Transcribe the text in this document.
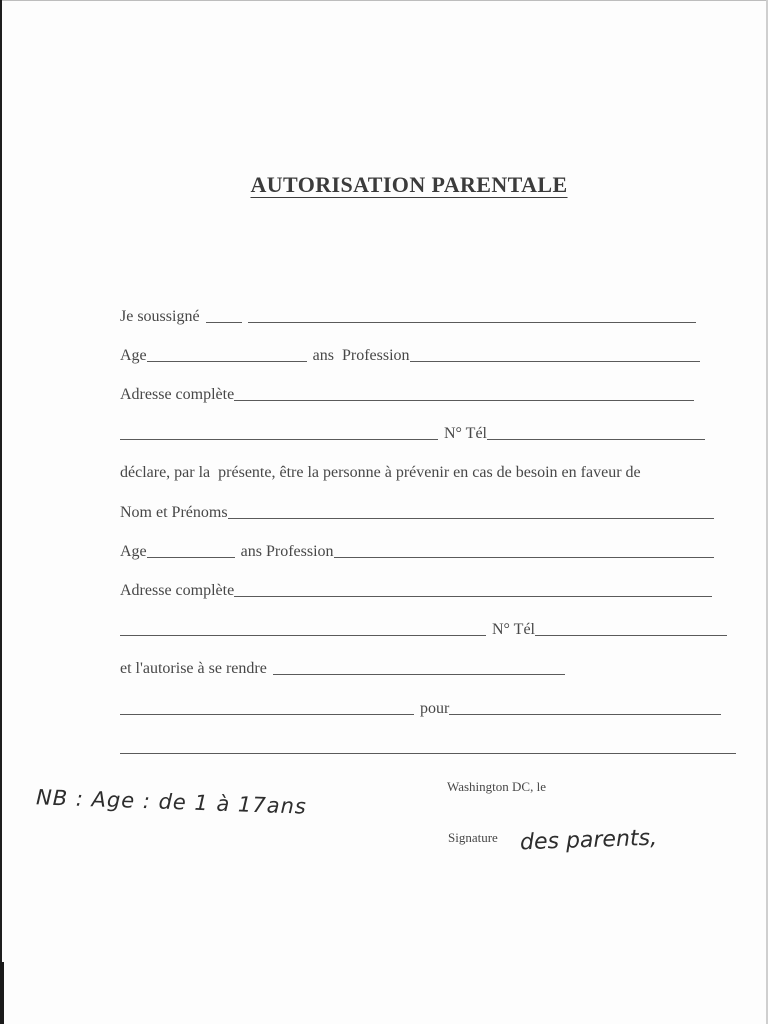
AUTORISATION PARENTALE
Je soussigné
Age	ans  Profession
Adresse complète
N° Tél
déclare, par la  présente, être la personne à prévenir en cas de besoin en faveur de
Nom et Prénoms
Age	ans Profession
Adresse complète
N° Tél
et l'autorise à se rendre
pour
Washington DC, le
Signature des parents,
NB : Age : de 1 à 17ans
